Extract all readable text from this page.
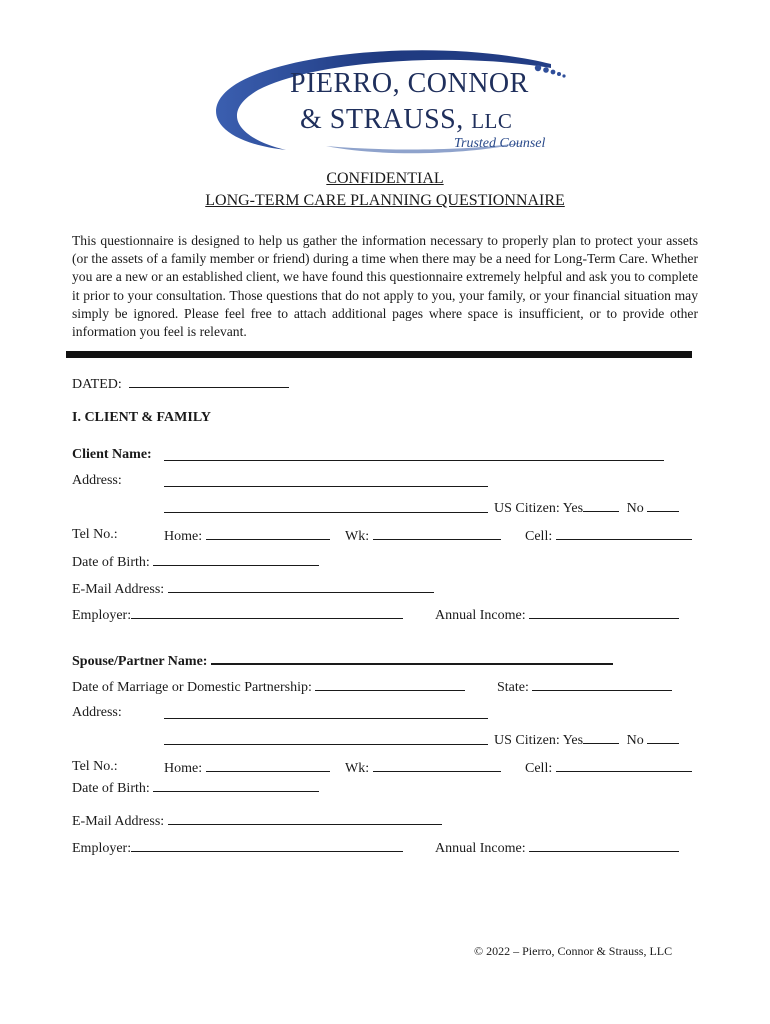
PIERRO, CONNOR
& STRAUSS, LLC
Trusted Counsel
CONFIDENTIAL
LONG-TERM CARE PLANNING QUESTIONNAIRE
This questionnaire is designed to help us gather the information necessary to properly plan to protect your assets (or the assets of a family member or friend) during a time when there may be a need for Long-Term Care. Whether you are a new or an established client, we have found this questionnaire extremely helpful and ask you to complete it prior to your consultation. Those questions that do not apply to you, your family, or your financial situation may simply be ignored. Please feel free to attach additional pages where space is insufficient, or to provide other information you feel is relevant.
DATED:
I. CLIENT & FAMILY
Client Name:
Address:
US Citizen: Yes	No
Tel No.:	Home:	Wk:	Cell:
Date of Birth:
E-Mail Address:
Employer:	Annual Income:
Spouse/Partner Name:
Date of Marriage or Domestic Partnership:	State:
Address:
US Citizen: Yes	No
Tel No.:	Home:	Wk:	Cell:
Date of Birth:
E-Mail Address:
Employer:	Annual Income:
© 2022 – Pierro, Connor & Strauss, LLC
